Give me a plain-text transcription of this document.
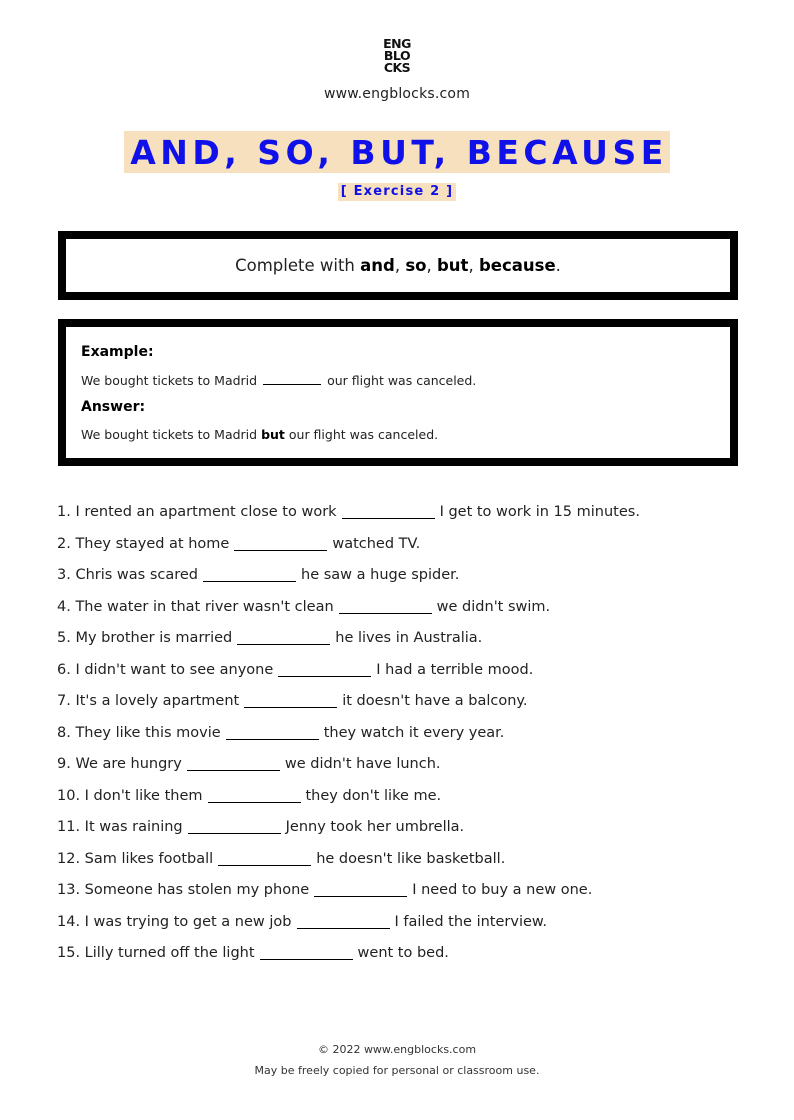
ENG
BLO
CKS
www.engblocks.com
AND, SO, BUT, BECAUSE
[ Exercise 2 ]
Complete with and, so, but, because.
Example:
We bought tickets to Madrid	our flight was canceled.
Answer:
We bought tickets to Madrid but our flight was canceled.
1. I rented an apartment close to work	I get to work in 15 minutes.
2. They stayed at home	watched TV.
3. Chris was scared	he saw a huge spider.
4. The water in that river wasn't clean	we didn't swim.
5. My brother is married	he lives in Australia.
6. I didn't want to see anyone	I had a terrible mood.
7. It's a lovely apartment	it doesn't have a balcony.
8. They like this movie	they watch it every year.
9. We are hungry	we didn't have lunch.
10. I don't like them	they don't like me.
11. It was raining	Jenny took her umbrella.
12. Sam likes football	he doesn't like basketball.
13. Someone has stolen my phone	I need to buy a new one.
14. I was trying to get a new job	I failed the interview.
15. Lilly turned off the light	went to bed.
© 2022 www.engblocks.com
May be freely copied for personal or classroom use.
